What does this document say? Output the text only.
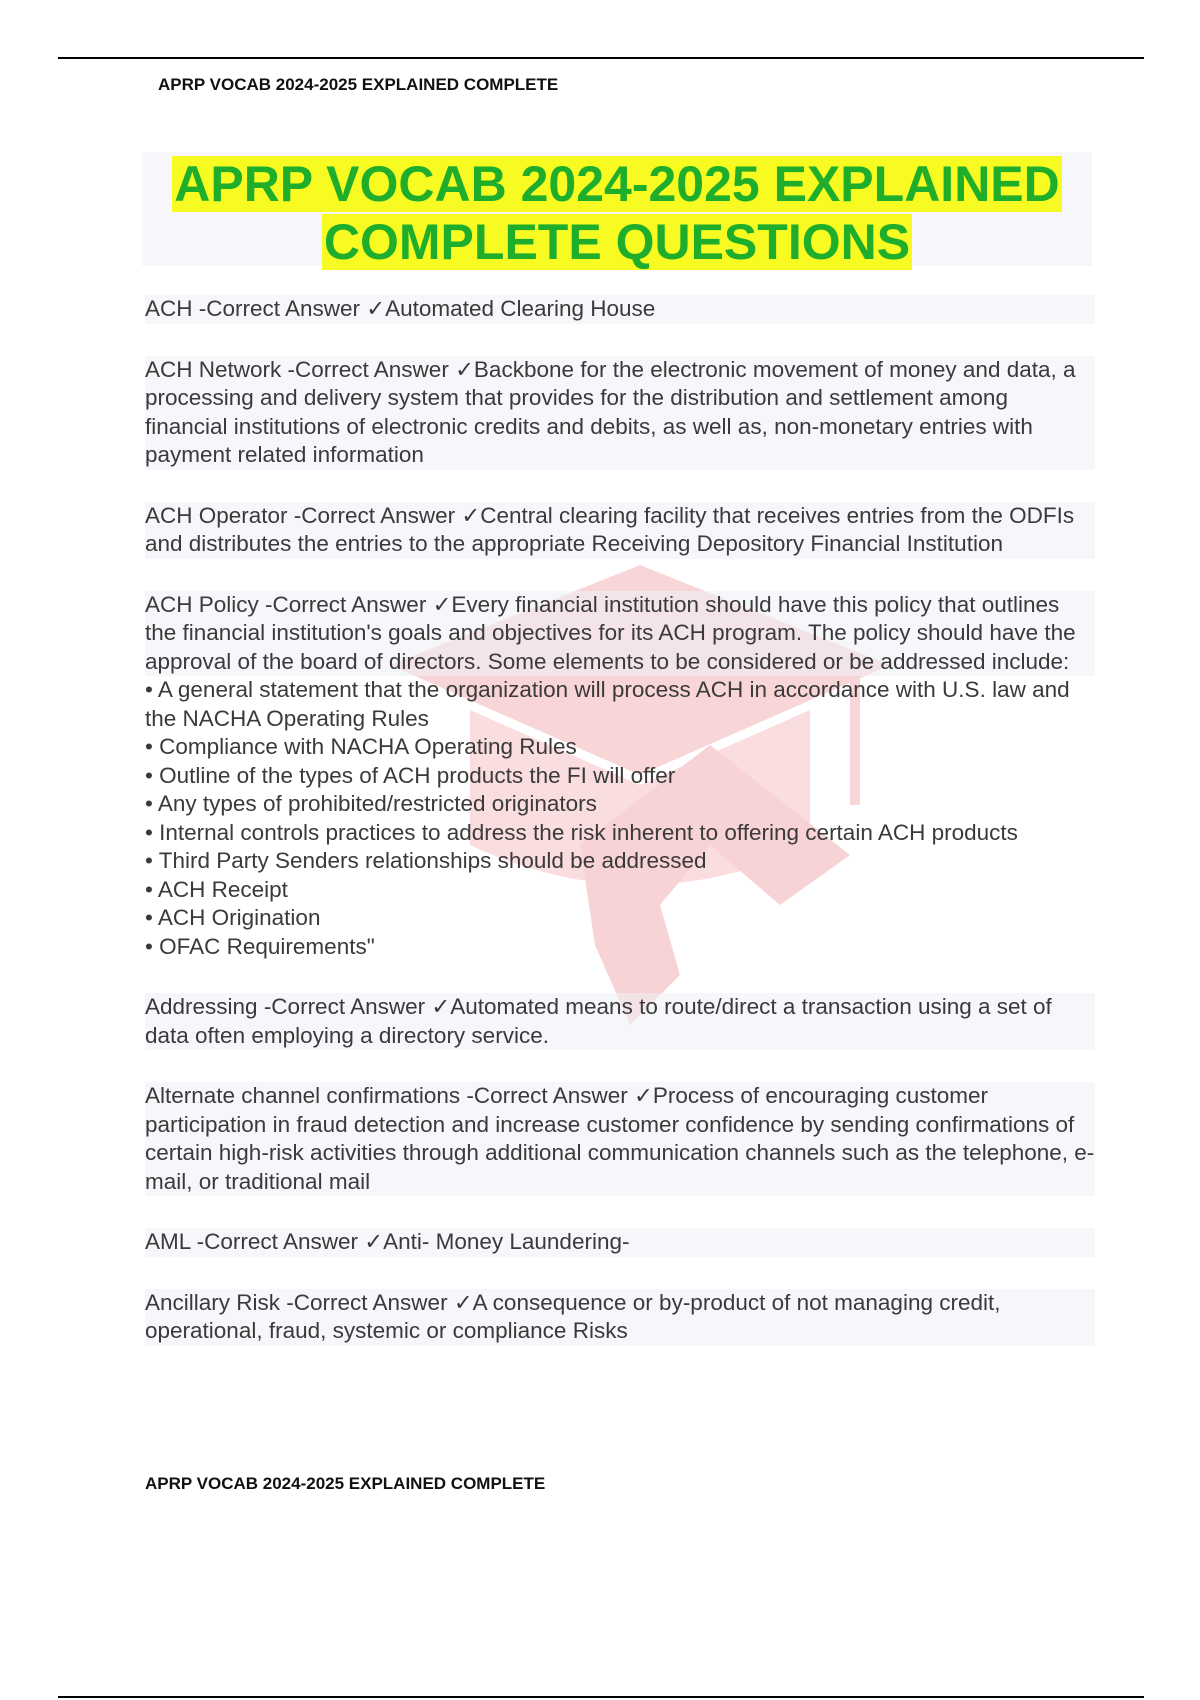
APRP VOCAB 2024-2025 EXPLAINED COMPLETE
APRP VOCAB 2024-2025 EXPLAINED
COMPLETE QUESTIONS
ACH -Correct Answer ✓Automated Clearing House
ACH Network -Correct Answer ✓Backbone for the electronic movement of money and data, a processing and delivery system that provides for the distribution and settlement among financial institutions of electronic credits and debits, as well as, non-monetary entries with payment related information
ACH Operator -Correct Answer ✓Central clearing facility that receives entries from the ODFIs and distributes the entries to the appropriate Receiving Depository Financial Institution
ACH Policy -Correct Answer ✓Every financial institution should have this policy that outlines the financial institution's goals and objectives for its ACH program. The policy should have the approval of the board of directors. Some elements to be considered or be addressed include:
• A general statement that the organization will process ACH in accordance with U.S. law and the NACHA Operating Rules
• Compliance with NACHA Operating Rules
• Outline of the types of ACH products the FI will offer
• Any types of prohibited/restricted originators
• Internal controls practices to address the risk inherent to offering certain ACH products
• Third Party Senders relationships should be addressed
• ACH Receipt
• ACH Origination
• OFAC Requirements"
Addressing -Correct Answer ✓Automated means to route/direct a transaction using a set of data often employing a directory service.
Alternate channel confirmations -Correct Answer ✓Process of encouraging customer participation in fraud detection and increase customer confidence by sending confirmations of certain high-risk activities through additional communication channels such as the telephone, e-mail, or traditional mail
AML -Correct Answer ✓Anti- Money Laundering-
Ancillary Risk -Correct Answer ✓A consequence or by-product of not managing credit, operational, fraud, systemic or compliance Risks
APRP VOCAB 2024-2025 EXPLAINED COMPLETE
